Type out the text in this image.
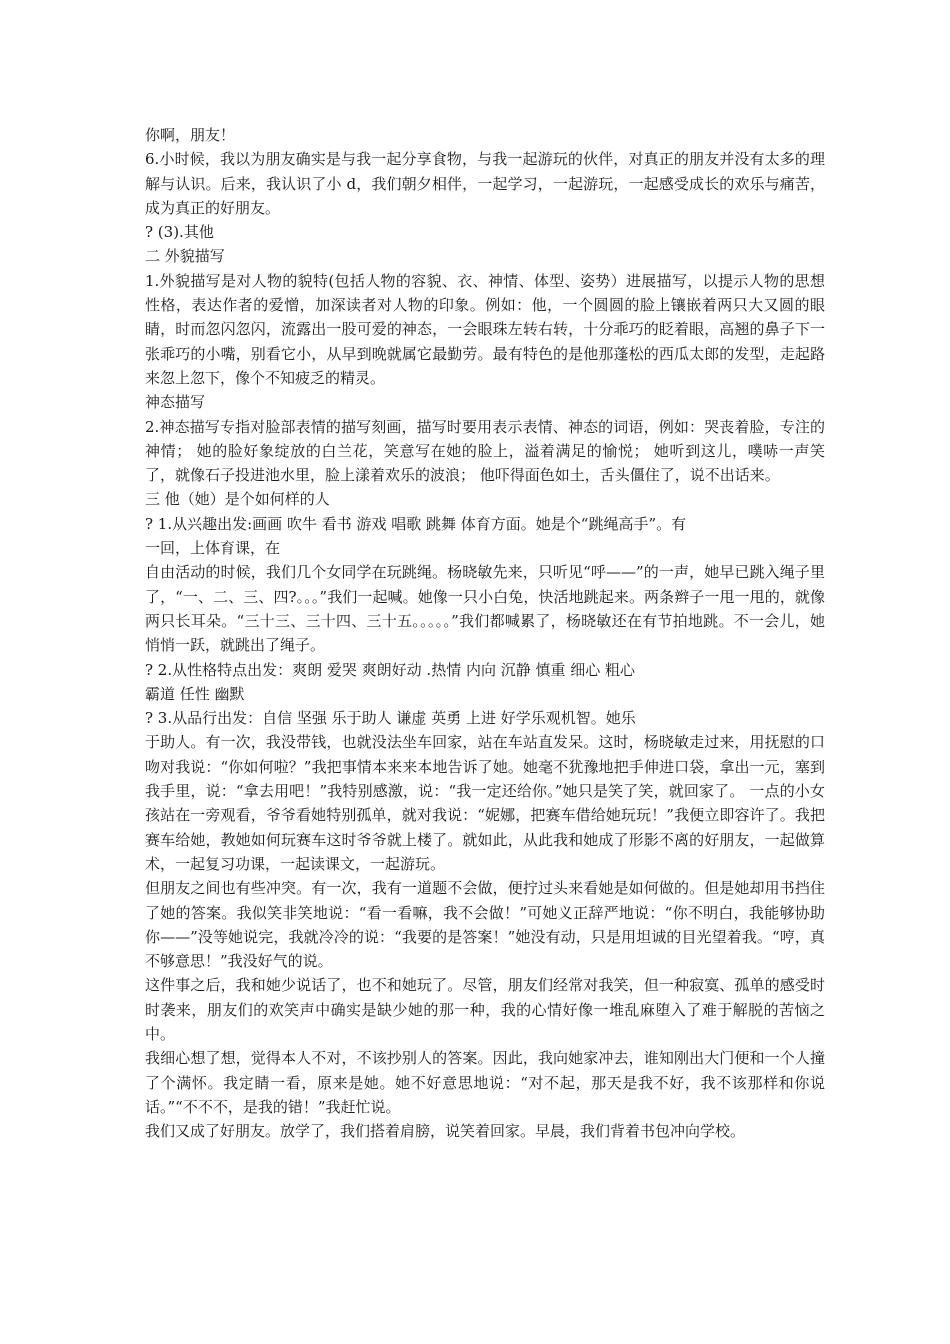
你啊，朋友！

6.小时候，我以为朋友确实是与我一起分享食物，与我一起游玩的伙伴，对真正的朋友并没有太多的理解与认识。后来，我认识了小 d，我们朝夕相伴，一起学习，一起游玩，一起感受成长的欢乐与痛苦，成为真正的好朋友。

? (3).其他

二 外貌描写

1.外貌描写是对人物的貌特(包括人物的容貌、衣、神情、体型、姿势）进展描写，以提示人物的思想性格，表达作者的爱憎，加深读者对人物的印象。例如：他，一个圆圆的脸上镶嵌着两只大又圆的眼睛，时而忽闪忽闪，流露出一股可爱的神态，一会眼珠左转右转，十分乖巧的眨着眼，高翘的鼻子下一张乖巧的小嘴，别看它小，从早到晚就属它最勤劳。最有特色的是他那蓬松的西瓜太郎的发型，走起路来忽上忽下，像个不知疲乏的精灵。

神态描写

2.神态描写专指对脸部表情的描写刻画，描写时要用表示表情、神态的词语，例如：哭丧着脸，专注的神情； 她的脸好象绽放的白兰花，笑意写在她的脸上，溢着满足的愉悦； 她听到这儿，噗哧一声笑了，就像石子投进池水里，脸上漾着欢乐的波浪； 他吓得面色如土，舌头僵住了，说不出话来。

三 他（她）是个如何样的人

? 1.从兴趣出发:画画 吹牛 看书 游戏 唱歌 跳舞 体育方面。她是个“跳绳高手”。有

一回，上体育课，在

自由活动的时候，我们几个女同学在玩跳绳。杨晓敏先来，只听见“呼——”的一声，她早已跳入绳子里了，“一、二、三、四?。。。”我们一起喊。她像一只小白兔，快活地跳起来。两条辫子一甩一甩的，就像两只长耳朵。“三十三、三十四、三十五。。。。。”我们都喊累了，杨晓敏还在有节拍地跳。不一会儿，她悄悄一跃，就跳出了绳子。

? 2.从性格特点出发：爽朗 爱哭 爽朗好动 .热情 内向 沉静 慎重 细心 粗心

霸道 任性 幽默

? 3.从品行出发：自信 坚强 乐于助人 谦虚 英勇 上进 好学乐观机智。她乐

于助人。有一次，我没带钱，也就没法坐车回家，站在车站直发呆。这时，杨晓敏走过来，用抚慰的口吻对我说：“你如何啦？”我把事情本来来本地告诉了她。她毫不犹豫地把手伸进口袋，拿出一元，塞到我手里，说：“拿去用吧！”我特别感激，说：“我一定还给你。”她只是笑了笑，就回家了。 一点的小女孩站在一旁观看，爷爷看她特别孤单，就对我说：“妮娜，把赛车借给她玩玩！”我便立即容许了。我把赛车给她，教她如何玩赛车这时爷爷就上楼了。就如此，从此我和她成了形影不离的好朋友，一起做算术，一起复习功课，一起读课文，一起游玩。

但朋友之间也有些冲突。有一次，我有一道题不会做，便拧过头来看她是如何做的。但是她却用书挡住了她的答案。我似笑非笑地说：“看一看嘛，我不会做！”可她义正辞严地说：“你不明白，我能够协助你——”没等她说完，我就冷冷的说：“我要的是答案！”她没有动，只是用坦诚的目光望着我。“哼，真不够意思！”我没好气的说。

这件事之后，我和她少说话了，也不和她玩了。尽管，朋友们经常对我笑，但一种寂寞、孤单的感受时时袭来，朋友们的欢笑声中确实是缺少她的那一种，我的心情好像一堆乱麻堕入了难于解脱的苦恼之中。

我细心想了想，觉得本人不对，不该抄别人的答案。因此，我向她家冲去，谁知刚出大门便和一个人撞了个满怀。我定睛一看，原来是她。她不好意思地说：“对不起，那天是我不好，我不该那样和你说话。”“不不不，是我的错！”我赶忙说。

我们又成了好朋友。放学了，我们搭着肩膀，说笑着回家。早晨，我们背着书包冲向学校。
